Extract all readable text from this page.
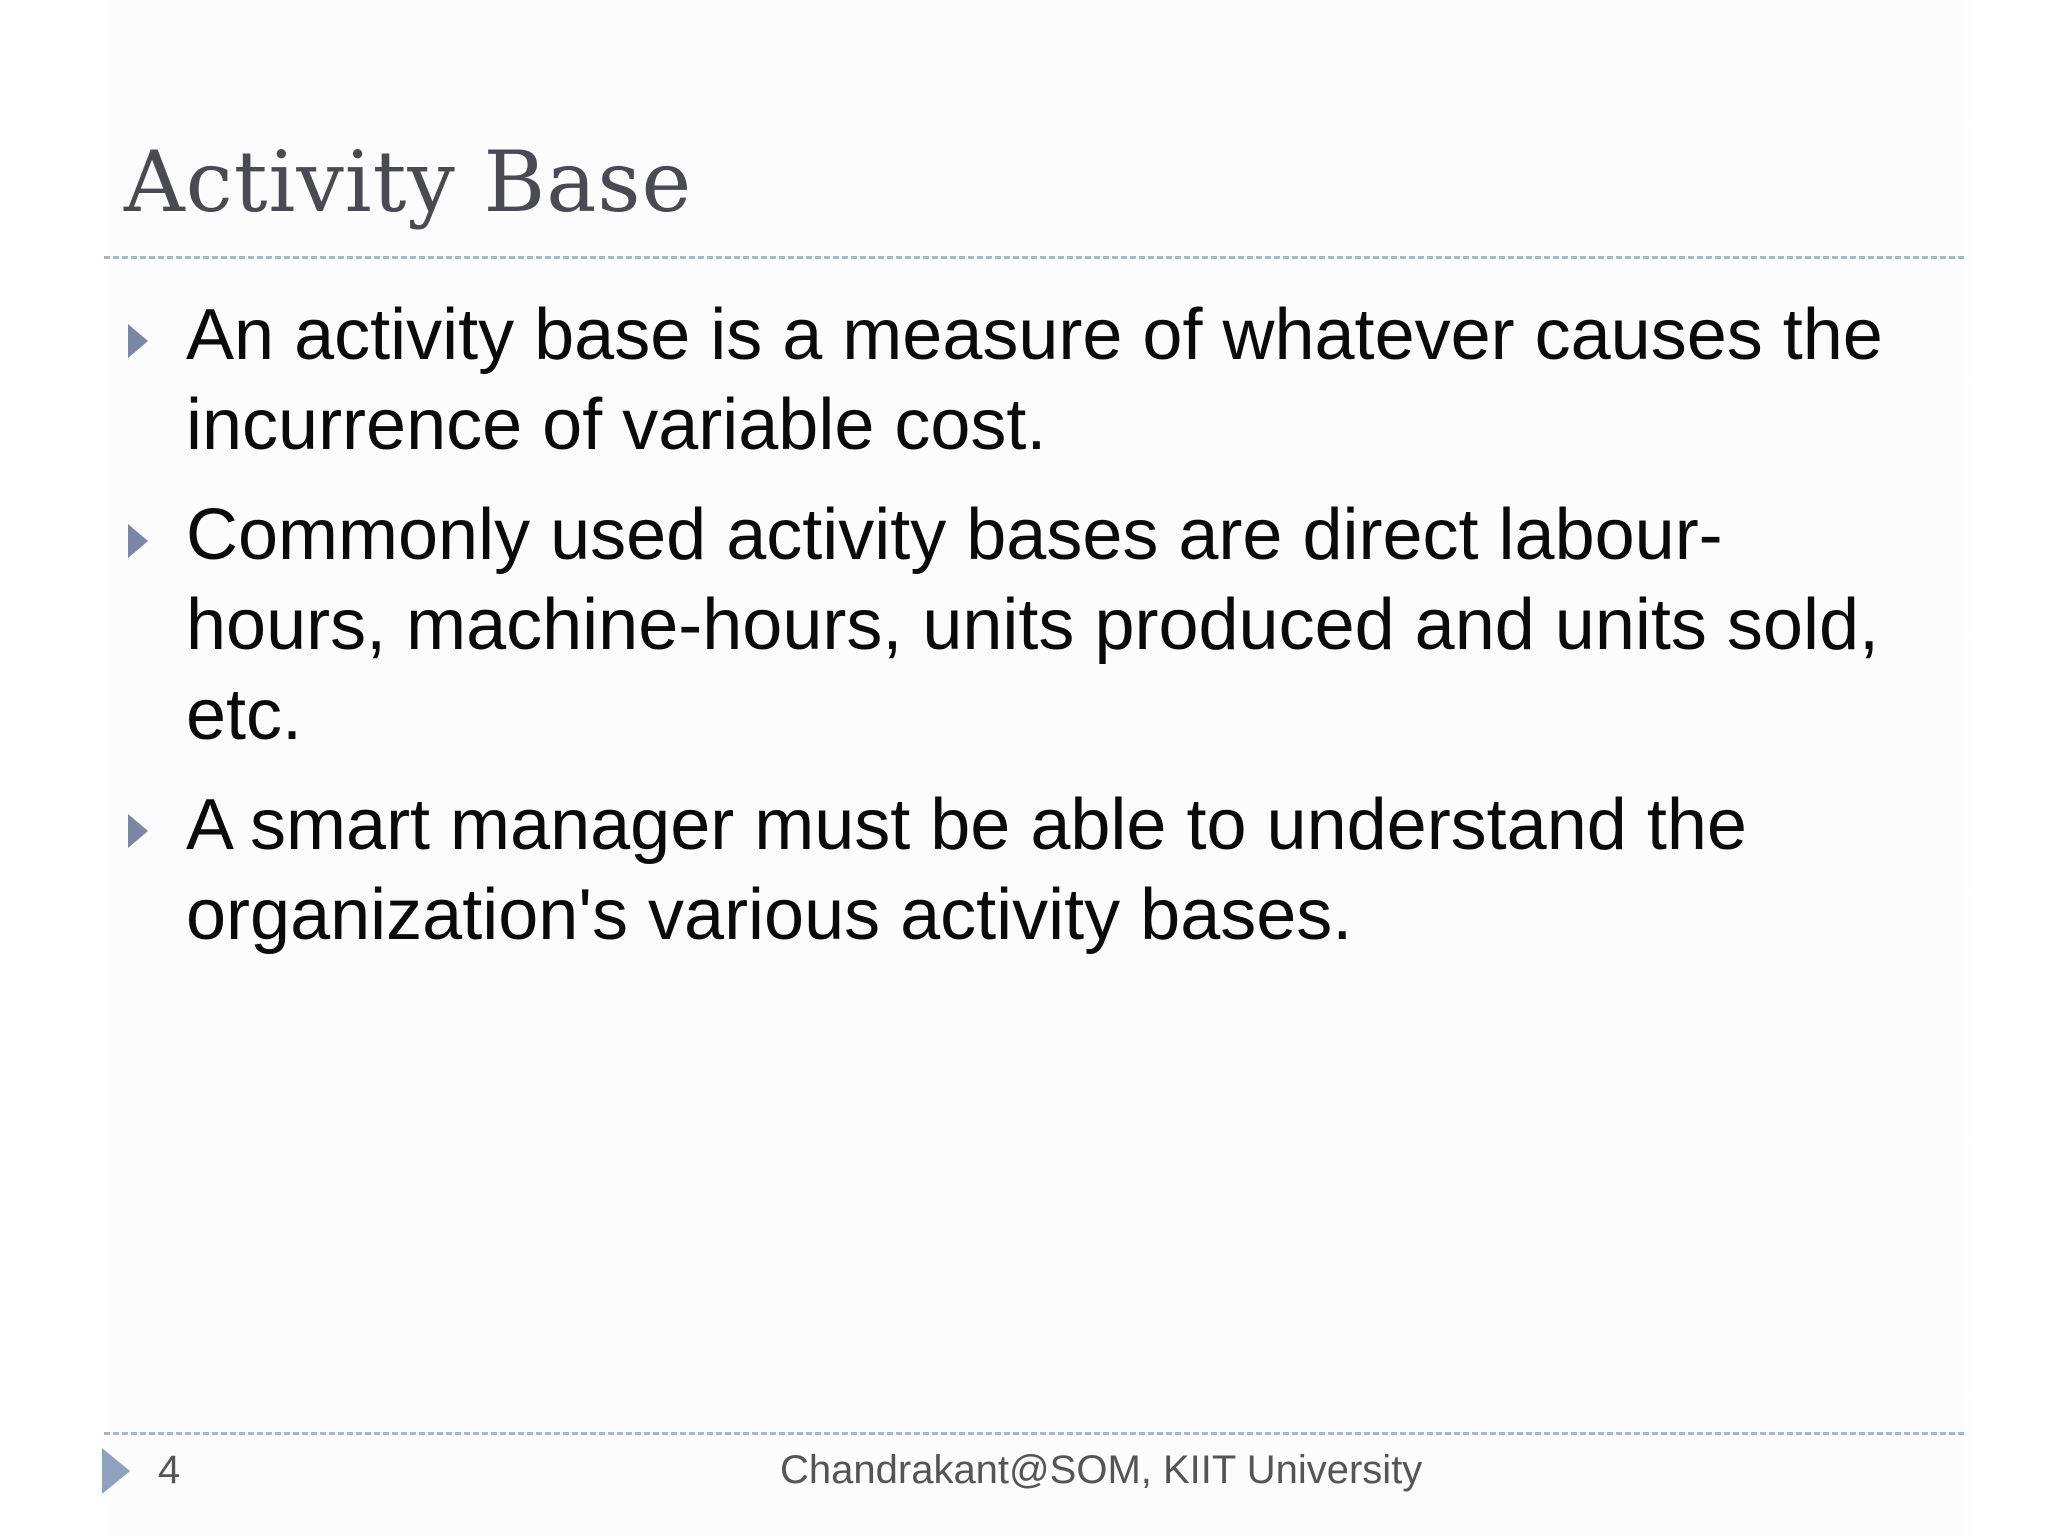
Activity Base
An activity base is a measure of whatever causes the incurrence of variable cost.
Commonly used activity bases are direct labour-hours, machine-hours, units produced and units sold, etc.
A smart manager must be able to understand the organization's various activity bases.
4	Chandrakant@SOM, KIIT University
